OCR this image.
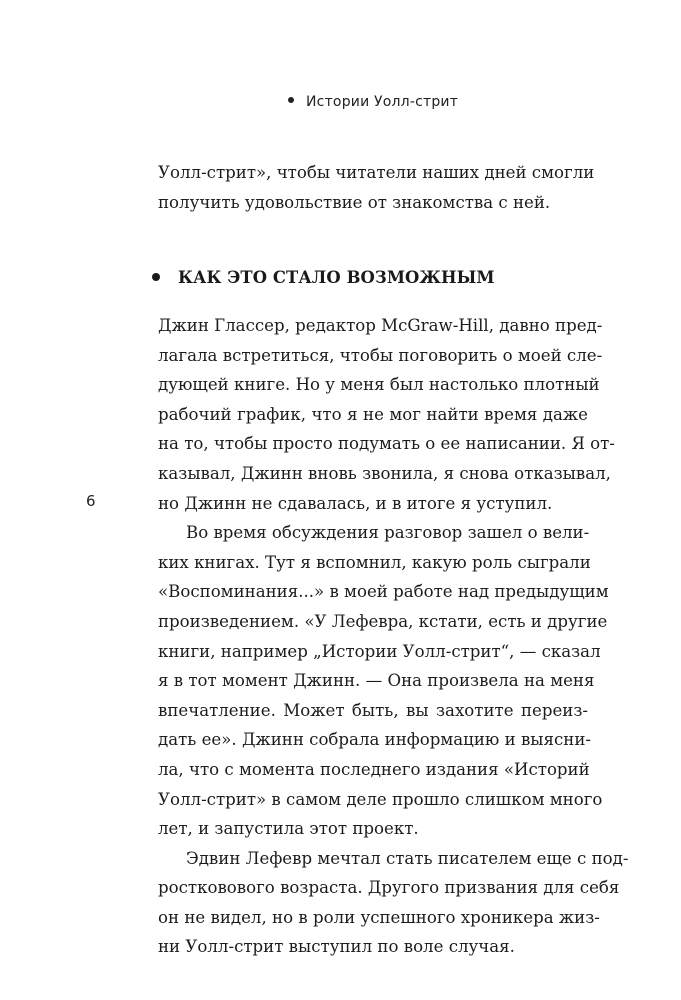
Истории Уолл-стрит
6
Уолл-стрит», чтобы читатели наших дней смогли
получить удовольствие от знакомства с ней.
КАК ЭТО СТАЛО ВОЗМОЖНЫМ
Джин Глассер, редактор McGraw-Hill, давно пред-
лагала встретиться, чтобы поговорить о моей сле-
дующей книге. Но у меня был настолько плотный
рабочий график, что я не мог найти время даже
на то, чтобы просто подумать о ее написании. Я от-
казывал, Джинн вновь звонила, я снова отказывал,
но Джинн не сдавалась, и в итоге я уступил.
Во время обсуждения разговор зашел о вели-
ких книгах. Тут я вспомнил, какую роль сыграли
«Воспоминания...» в моей работе над предыдущим
произведением. «У Лефевра, кстати, есть и другие
книги, например „Истории Уолл-стрит“, — сказал
я в тот момент Джинн. — Она произвела на меня
впечатление. Может быть, вы захотите переиз-
дать ее». Джинн собрала информацию и выясни-
ла, что с момента последнего издания «Историй
Уолл-стрит» в самом деле прошло слишком много
лет, и запустила этот проект.
Эдвин Лефевр мечтал стать писателем еще с под-
ростковового возраста. Другого призвания для себя
он не видел, но в роли успешного хроникера жиз-
ни Уолл-стрит выступил по воле случая.
